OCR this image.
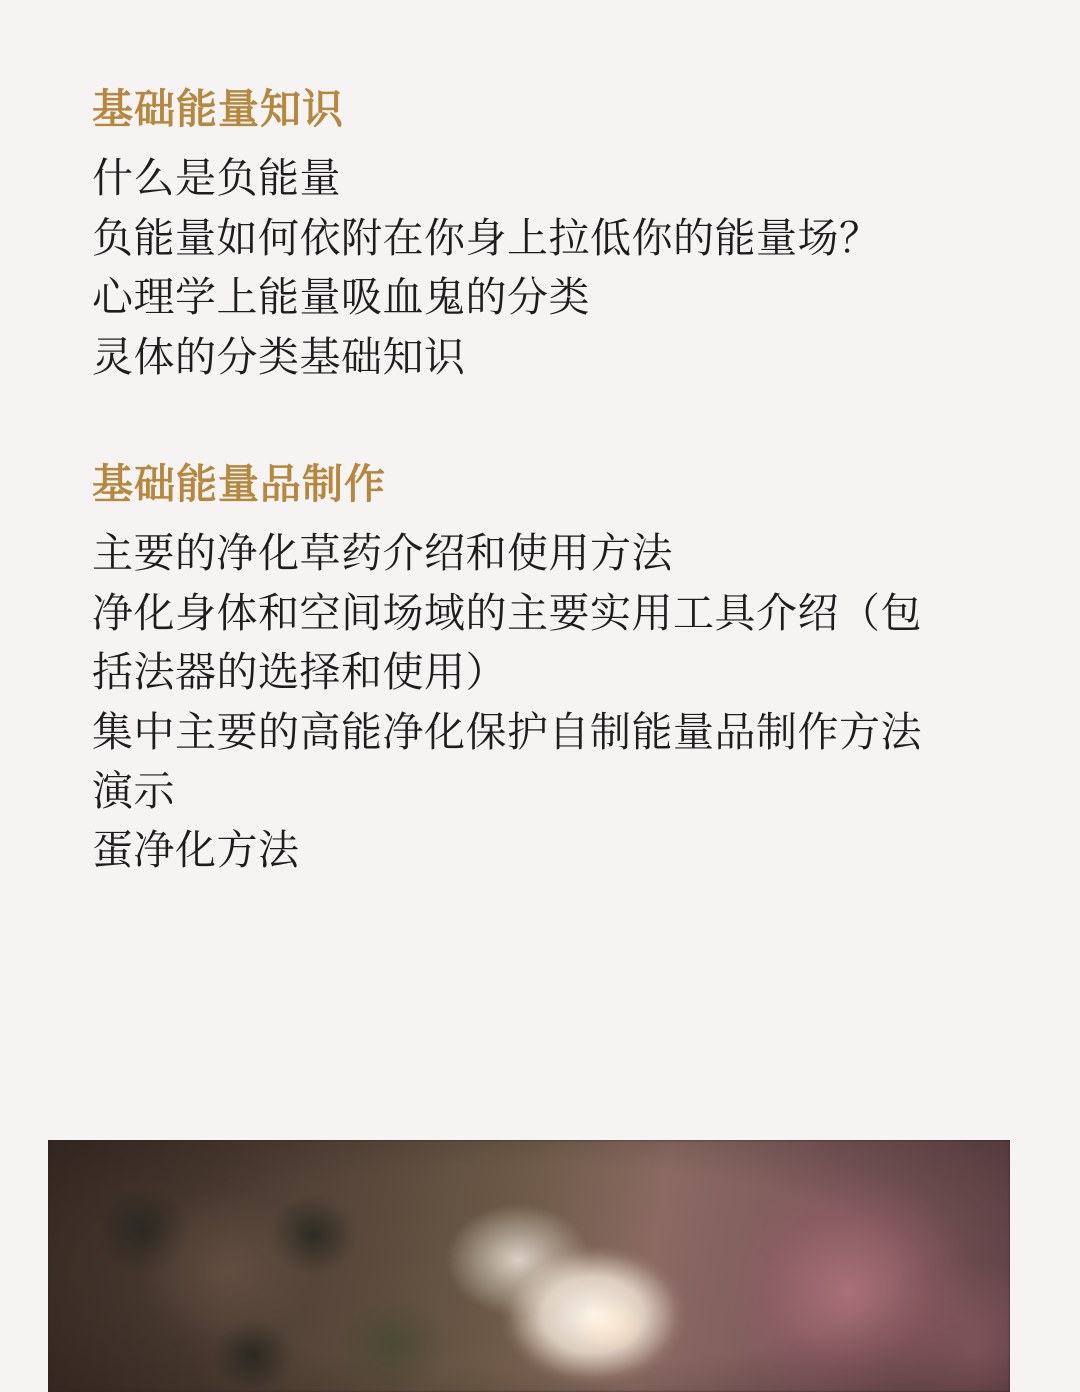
基础能量知识

什么是负能量

负能量如何依附在你身上拉低你的能量场？

心理学上能量吸血鬼的分类

灵体的分类基础知识

基础能量品制作

主要的净化草药介绍和使用方法

净化身体和空间场域的主要实用工具介绍（包括法器的选择和使用）

集中主要的高能净化保护自制能量品制作方法演示

蛋净化方法
